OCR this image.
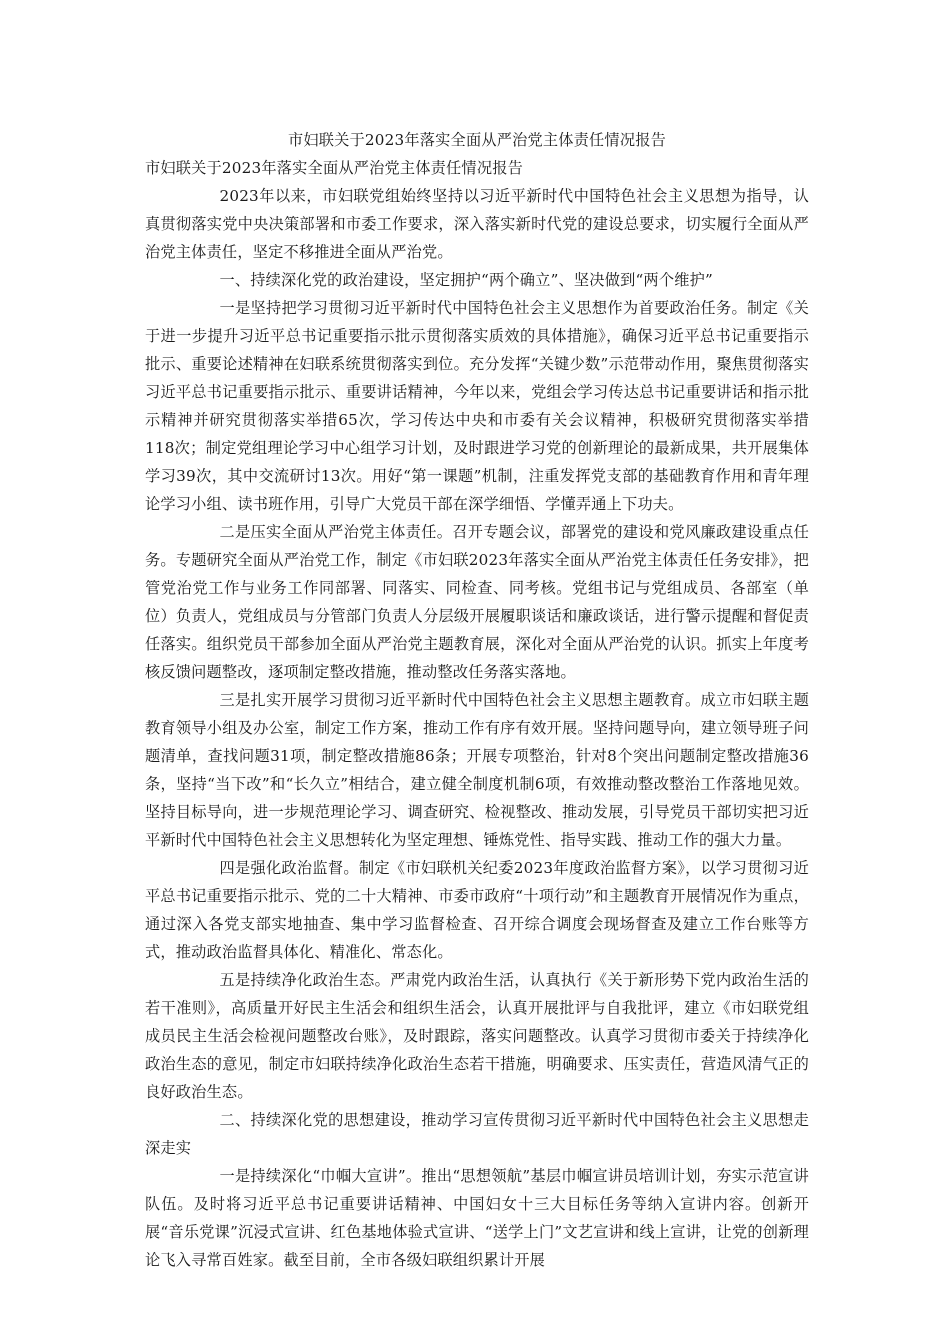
市妇联关于2023年落实全面从严治党主体责任情况报告

市妇联关于2023年落实全面从严治党主体责任情况报告

2023年以来，市妇联党组始终坚持以习近平新时代中国特色社会主义思想为指导，认真贯彻落实党中央决策部署和市委工作要求，深入落实新时代党的建设总要求，切实履行全面从严治党主体责任，坚定不移推进全面从严治党。

一、持续深化党的政治建设，坚定拥护“两个确立”、坚决做到“两个维护”

一是坚持把学习贯彻习近平新时代中国特色社会主义思想作为首要政治任务。制定《关于进一步提升习近平总书记重要指示批示贯彻落实质效的具体措施》，确保习近平总书记重要指示批示、重要论述精神在妇联系统贯彻落实到位。充分发挥“关键少数”示范带动作用，聚焦贯彻落实习近平总书记重要指示批示、重要讲话精神，今年以来，党组会学习传达总书记重要讲话和指示批示精神并研究贯彻落实举措65次，学习传达中央和市委有关会议精神，积极研究贯彻落实举措118次；制定党组理论学习中心组学习计划，及时跟进学习党的创新理论的最新成果，共开展集体学习39次，其中交流研讨13次。用好“第一课题”机制，注重发挥党支部的基础教育作用和青年理论学习小组、读书班作用，引导广大党员干部在深学细悟、学懂弄通上下功夫。

二是压实全面从严治党主体责任。召开专题会议，部署党的建设和党风廉政建设重点任务。专题研究全面从严治党工作，制定《市妇联2023年落实全面从严治党主体责任任务安排》，把管党治党工作与业务工作同部署、同落实、同检查、同考核。党组书记与党组成员、各部室（单位）负责人，党组成员与分管部门负责人分层级开展履职谈话和廉政谈话，进行警示提醒和督促责任落实。组织党员干部参加全面从严治党主题教育展，深化对全面从严治党的认识。抓实上年度考核反馈问题整改，逐项制定整改措施，推动整改任务落实落地。

三是扎实开展学习贯彻习近平新时代中国特色社会主义思想主题教育。成立市妇联主题教育领导小组及办公室，制定工作方案，推动工作有序有效开展。坚持问题导向，建立领导班子问题清单，查找问题31项，制定整改措施86条；开展专项整治，针对8个突出问题制定整改措施36条，坚持“当下改”和“长久立”相结合，建立健全制度机制6项，有效推动整改整治工作落地见效。坚持目标导向，进一步规范理论学习、调查研究、检视整改、推动发展，引导党员干部切实把习近平新时代中国特色社会主义思想转化为坚定理想、锤炼党性、指导实践、推动工作的强大力量。

四是强化政治监督。制定《市妇联机关纪委2023年度政治监督方案》，以学习贯彻习近平总书记重要指示批示、党的二十大精神、市委市政府“十项行动”和主题教育开展情况作为重点，通过深入各党支部实地抽查、集中学习监督检查、召开综合调度会现场督查及建立工作台账等方式，推动政治监督具体化、精准化、常态化。

五是持续净化政治生态。严肃党内政治生活，认真执行《关于新形势下党内政治生活的若干准则》，高质量开好民主生活会和组织生活会，认真开展批评与自我批评，建立《市妇联党组成员民主生活会检视问题整改台账》，及时跟踪，落实问题整改。认真学习贯彻市委关于持续净化政治生态的意见，制定市妇联持续净化政治生态若干措施，明确要求、压实责任，营造风清气正的良好政治生态。

二、持续深化党的思想建设，推动学习宣传贯彻习近平新时代中国特色社会主义思想走深走实

一是持续深化“巾帼大宣讲”。推出“思想领航”基层巾帼宣讲员培训计划，夯实示范宣讲队伍。及时将习近平总书记重要讲话精神、中国妇女十三大目标任务等纳入宣讲内容。创新开展“音乐党课”沉浸式宣讲、红色基地体验式宣讲、“送学上门”文艺宣讲和线上宣讲，让党的创新理论飞入寻常百姓家。截至目前，全市各级妇联组织累计开展
